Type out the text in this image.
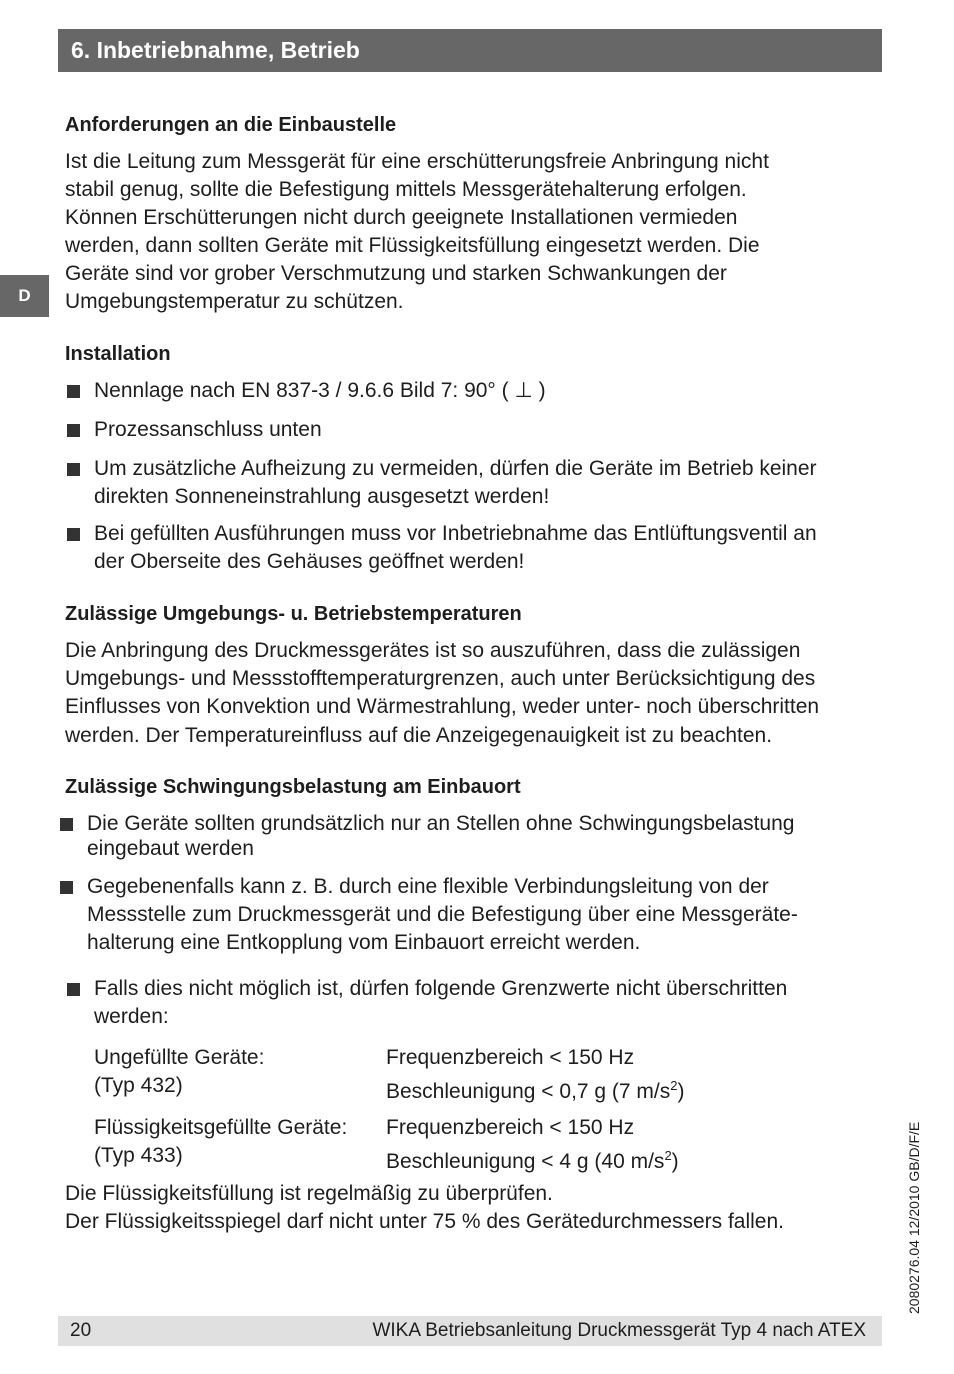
6. Inbetriebnahme, Betrieb
D
Anforderungen an die Einbaustelle
Ist die Leitung zum Messgerät für eine erschütterungsfreie Anbringung nicht
stabil genug, sollte die Befestigung mittels Messgerätehalterung erfolgen.
Können Erschütterungen nicht durch geeignete Installationen vermieden
werden, dann sollten Geräte mit Flüssigkeitsfüllung eingesetzt werden. Die
Geräte sind vor grober Verschmutzung und starken Schwankungen der
Umgebungstemperatur zu schützen.
Installation
Nennlage nach EN 837-3 / 9.6.6 Bild 7: 90° ( ⊥ )
Prozessanschluss unten
Um zusätzliche Aufheizung zu vermeiden, dürfen die Geräte im Betrieb keiner
direkten Sonneneinstrahlung ausgesetzt werden!
Bei gefüllten Ausführungen muss vor Inbetriebnahme das Entlüftungsventil an
der Oberseite des Gehäuses geöffnet werden!
Zulässige Umgebungs- u. Betriebstemperaturen
Die Anbringung des Druckmessgerätes ist so auszuführen, dass die zulässigen
Umgebungs- und Messstofftemperaturgrenzen, auch unter Berücksichtigung des
Einflusses von Konvektion und Wärmestrahlung, weder unter- noch überschritten
werden. Der Temperatureinfluss auf die Anzeigegenauigkeit ist zu beachten.
Zulässige Schwingungsbelastung am Einbauort
Die Geräte sollten grundsätzlich nur an Stellen ohne Schwingungsbelastung
eingebaut werden
Gegebenenfalls kann z. B. durch eine flexible Verbindungsleitung von der
Messstelle zum Druckmessgerät und die Befestigung über eine Messgeräte-
halterung eine Entkopplung vom Einbauort erreicht werden.
Falls dies nicht möglich ist, dürfen folgende Grenzwerte nicht überschritten
werden:
Ungefüllte Geräte:
(Typ 432)
Frequenzbereich < 150 Hz
Beschleunigung < 0,7 g (7 $m/s^2$)
Flüssigkeitsgefüllte Geräte:
(Typ 433)
Frequenzbereich < 150 Hz
Beschleunigung < 4 g (40 $m/s^2$)
Die Flüssigkeitsfüllung ist regelmäßig zu überprüfen.
Der Flüssigkeitsspiegel darf nicht unter 75 % des Gerätedurchmessers fallen.
20	WIKA Betriebsanleitung Druckmessgerät Typ 4 nach ATEX
2080276.04 12/2010 GB/D/F/E
